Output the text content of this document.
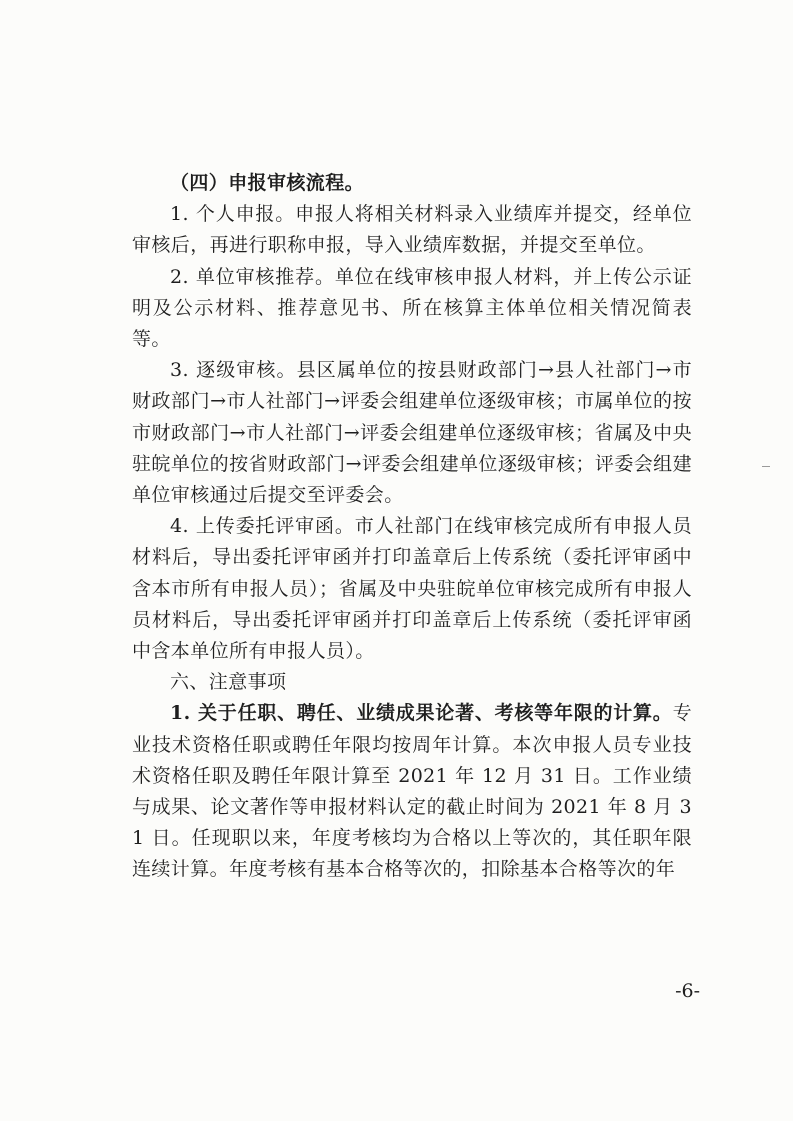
（四）申报审核流程。

1. 个人申报。申报人将相关材料录入业绩库并提交，经单位审核后，再进行职称申报，导入业绩库数据，并提交至单位。

2. 单位审核推荐。单位在线审核申报人材料，并上传公示证明及公示材料、推荐意见书、所在核算主体单位相关情况简表等。

3. 逐级审核。县区属单位的按县财政部门→县人社部门→市财政部门→市人社部门→评委会组建单位逐级审核；市属单位的按市财政部门→市人社部门→评委会组建单位逐级审核；省属及中央驻皖单位的按省财政部门→评委会组建单位逐级审核；评委会组建单位审核通过后提交至评委会。

4. 上传委托评审函。市人社部门在线审核完成所有申报人员材料后，导出委托评审函并打印盖章后上传系统（委托评审函中含本市所有申报人员）；省属及中央驻皖单位审核完成所有申报人员材料后，导出委托评审函并打印盖章后上传系统（委托评审函中含本单位所有申报人员）。

六、注意事项

1. 关于任职、聘任、业绩成果论著、考核等年限的计算。专业技术资格任职或聘任年限均按周年计算。本次申报人员专业技术资格任职及聘任年限计算至 2021 年 12 月 31 日。工作业绩与成果、论文著作等申报材料认定的截止时间为 2021 年 8 月 31 日。任现职以来，年度考核均为合格以上等次的，其任职年限连续计算。年度考核有基本合格等次的，扣除基本合格等次的年

-6-
